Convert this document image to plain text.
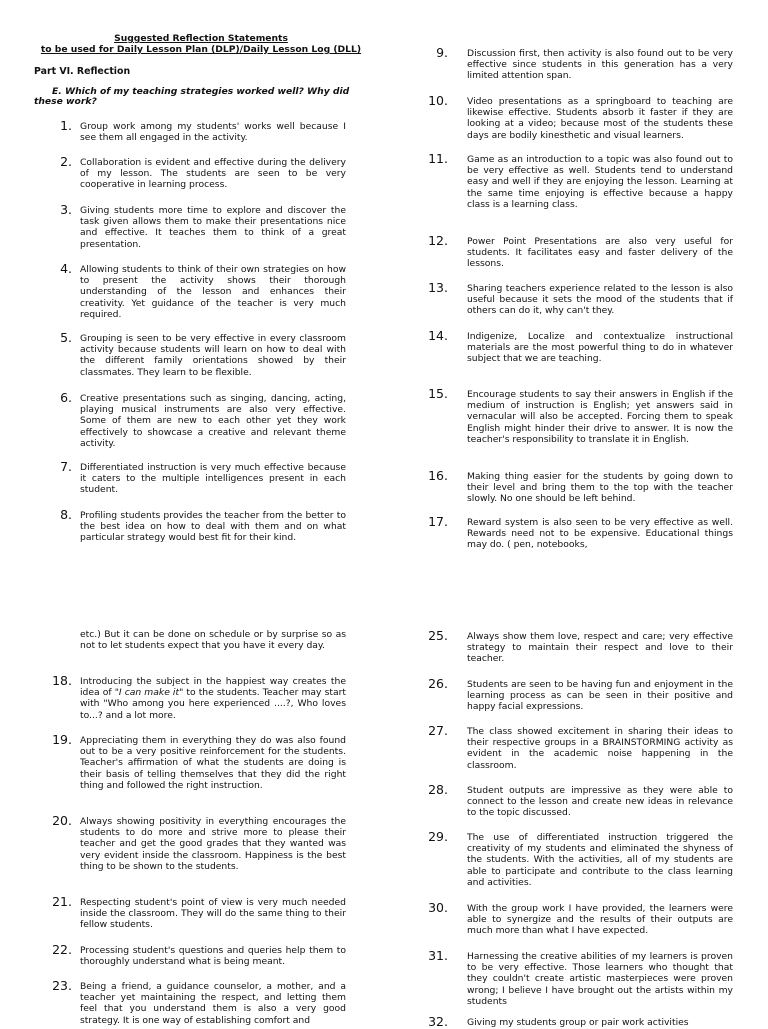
Suggested Reflection Statements
to be used for Daily Lesson Plan (DLP)/Daily Lesson Log (DLL)
Part VI. Reflection
E. Which of my teaching strategies worked well? Why did these work?
1. Group work among my students' works well because I see them all engaged in the activity.
2. Collaboration is evident and effective during the delivery of my lesson. The students are seen to be very cooperative in learning process.
3. Giving students more time to explore and discover the task given allows them to make their presentations nice and effective. It teaches them to think of a great presentation.
4. Allowing students to think of their own strategies on how to present the activity shows their thorough understanding of the lesson and enhances their creativity. Yet guidance of the teacher is very much required.
5. Grouping is seen to be very effective in every classroom activity because students will learn on how to deal with the different family orientations showed by their classmates. They learn to be flexible.
6. Creative presentations such as singing, dancing, acting, playing musical instruments are also very effective. Some of them are new to each other yet they work effectively to showcase a creative and relevant theme activity.
7. Differentiated instruction is very much effective because it caters to the multiple intelligences present in each student.
8. Profiling students provides the teacher from the better to the best idea on how to deal with them and on what particular strategy would best fit for their kind.
9. Discussion first, then activity is also found out to be very effective since students in this generation has a very limited attention span.
10. Video presentations as a springboard to teaching are likewise effective. Students absorb it faster if they are looking at a video; because most of the students these days are bodily kinesthetic and visual learners.
11. Game as an introduction to a topic was also found out to be very effective as well. Students tend to understand easy and well if they are enjoying the lesson. Learning at the same time enjoying is effective because a happy class is a learning class.
12. Power Point Presentations are also very useful for students. It facilitates easy and faster delivery of the lessons.
13. Sharing teachers experience related to the lesson is also useful because it sets the mood of the students that if others can do it, why can't they.
14. Indigenize, Localize and contextualize instructional materials are the most powerful thing to do in whatever subject that we are teaching.
15. Encourage students to say their answers in English if the medium of instruction is English; yet answers said in vernacular will also be accepted. Forcing them to speak English might hinder their drive to answer. It is now the teacher's responsibility to translate it in English.
16. Making thing easier for the students by going down to their level and bring them to the top with the teacher slowly. No one should be left behind.
17. Reward system is also seen to be very effective as well. Rewards need not to be expensive. Educational things may do. ( pen, notebooks,
etc.) But it can be done on schedule or by surprise so as not to let students expect that you have it every day.
18. Introducing the subject in the happiest way creates the idea of "I can make it" to the students. Teacher may start with "Who among you here experienced ....?, Who loves to...? and a lot more.
19. Appreciating them in everything they do was also found out to be a very positive reinforcement for the students. Teacher's affirmation of what the students are doing is their basis of telling themselves that they did the right thing and followed the right instruction.
20. Always showing positivity in everything encourages the students to do more and strive more to please their teacher and get the good grades that they wanted was very evident inside the classroom. Happiness is the best thing to be shown to the students.
21. Respecting student's point of view is very much needed inside the classroom. They will do the same thing to their fellow students.
22. Processing student's questions and queries help them to thoroughly understand what is being meant.
23. Being a friend, a guidance counselor, a mother, and a teacher yet maintaining the respect, and letting them feel that you understand them is also a very good strategy. It is one way of establishing comfort and
25. Always show them love, respect and care; very effective strategy to maintain their respect and love to their teacher.
26. Students are seen to be having fun and enjoyment in the learning process as can be seen in their positive and happy facial expressions.
27. The class showed excitement in sharing their ideas to their respective groups in a BRAINSTORMING activity as evident in the academic noise happening in the classroom.
28. Student outputs are impressive as they were able to connect to the lesson and create new ideas in relevance to the topic discussed.
29. The use of differentiated instruction triggered the creativity of my students and eliminated the shyness of the students. With the activities, all of my students are able to participate and contribute to the class learning and activities.
30. With the group work I have provided, the learners were able to synergize and the results of their outputs are much more than what I have expected.
31. Harnessing the creative abilities of my learners is proven to be very effective. Those learners who thought that they couldn't create artistic masterpieces were proven wrong; I believe I have brought out the artists within my students
32. Giving my students group or pair work activities
